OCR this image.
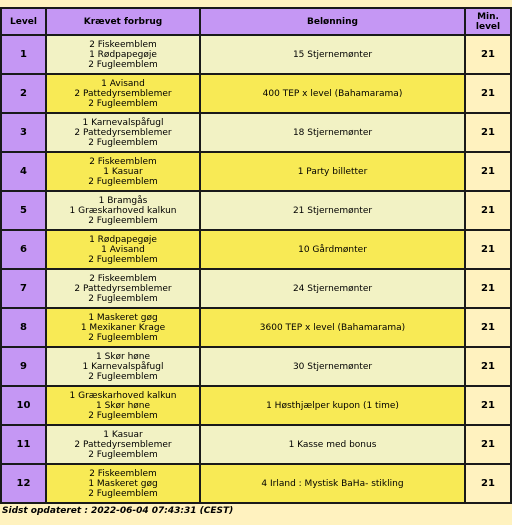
Level	Krævet forbrug	Belønning	Min. level
1	2 Fiskeemblem
1 Rødpapegøje
2 Fugleemblem	15 Stjernemønter	21
2	1 Avisand
2 Pattedyrsemblemer
2 Fugleemblem	400 TEP x level (Bahamarama)	21
3	1 Karnevalspåfugl
2 Pattedyrsemblemer
2 Fugleemblem	18 Stjernemønter	21
4	2 Fiskeemblem
1 Kasuar
2 Fugleemblem	1 Party billetter	21
5	1 Bramgås
1 Græskarhoved kalkun
2 Fugleemblem	21 Stjernemønter	21
6	1 Rødpapegøje
1 Avisand
2 Fugleemblem	10 Gårdmønter	21
7	2 Fiskeemblem
2 Pattedyrsemblemer
2 Fugleemblem	24 Stjernemønter	21
8	1 Maskeret gøg
1 Mexikaner Krage
2 Fugleemblem	3600 TEP x level (Bahamarama)	21
9	1 Skør høne
1 Karnevalspåfugl
2 Fugleemblem	30 Stjernemønter	21
10	1 Græskarhoved kalkun
1 Skør høne
2 Fugleemblem	1 Høsthjælper kupon (1 time)	21
11	1 Kasuar
2 Pattedyrsemblemer
2 Fugleemblem	1 Kasse med bonus	21
12	2 Fiskeemblem
1 Maskeret gøg
2 Fugleemblem	4 Irland : Mystisk BaHa- stikling	21
Sidst opdateret : 2022-06-04 07:43:31 (CEST)
